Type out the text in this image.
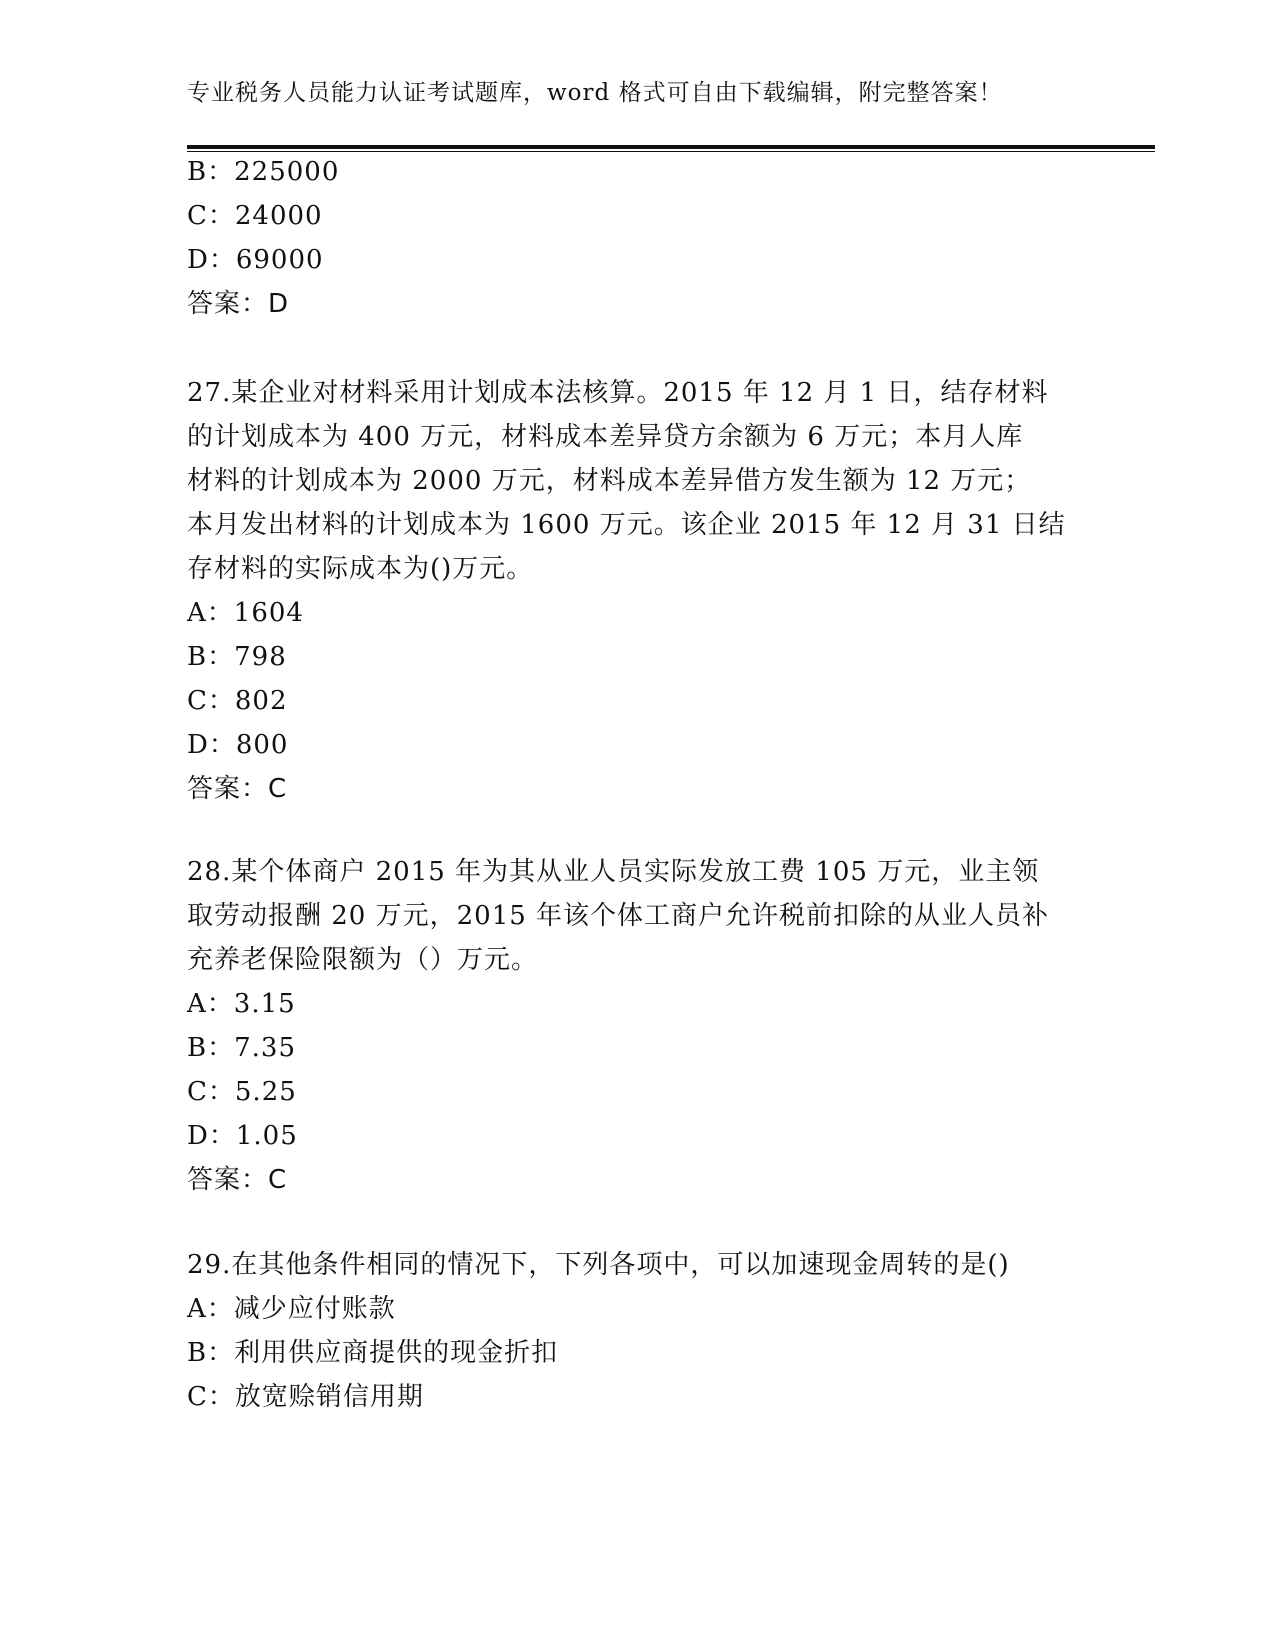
专业税务人员能力认证考试题库，word 格式可自由下载编辑，附完整答案！
B：225000
C：24000
D：69000
答案：D
27.某企业对材料采用计划成本法核算。2015 年 12 月 1 日，结存材料
的计划成本为 400 万元，材料成本差异贷方余额为 6 万元；本月人库
材料的计划成本为 2000 万元，材料成本差异借方发生额为 12 万元；
本月发出材料的计划成本为 1600 万元。该企业 2015 年 12 月 31 日结
存材料的实际成本为()万元。
A：1604
B：798
C：802
D：800
答案：C
28.某个体商户 2015 年为其从业人员实际发放工费 105 万元，业主领
取劳动报酬 20 万元，2015 年该个体工商户允许税前扣除的从业人员补
充养老保险限额为（）万元。
A：3.15
B：7.35
C：5.25
D：1.05
答案：C
29.在其他条件相同的情况下，下列各项中，可以加速现金周转的是()
A：减少应付账款
B：利用供应商提供的现金折扣
C：放宽赊销信用期
